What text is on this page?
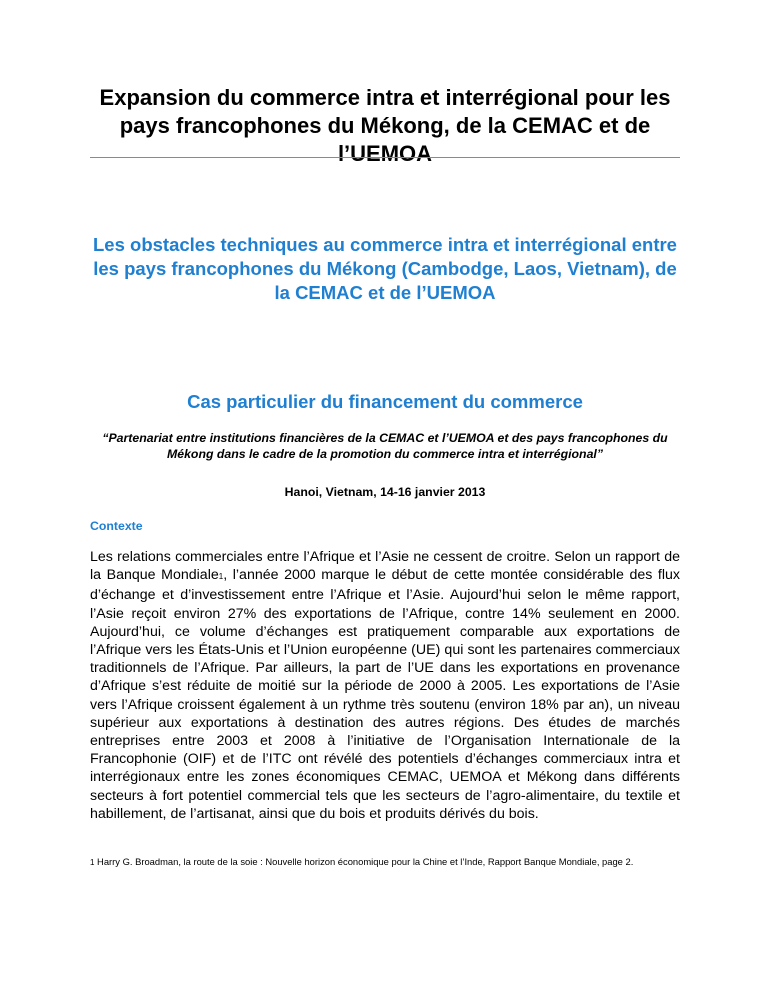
Expansion du commerce intra et interrégional pour les pays francophones du Mékong, de la CEMAC et de l’UEMOA
Les obstacles techniques au commerce intra et interrégional entre les pays francophones du Mékong (Cambodge, Laos, Vietnam), de la CEMAC et de l’UEMOA
Cas particulier du financement du commerce

“Partenariat entre institutions financières de la CEMAC et l’UEMOA et des pays francophones du Mékong dans le cadre de la promotion du commerce intra et interrégional”

Hanoi, Vietnam, 14-16 janvier 2013

Contexte

Les relations commerciales entre l’Afrique et l’Asie ne cessent de croitre. Selon un rapport de la Banque Mondiale1, l’année 2000 marque le début de cette montée considérable des flux d’échange et d’investissement entre l’Afrique et l’Asie. Aujourd’hui selon le même rapport, l’Asie reçoit environ 27% des exportations de l’Afrique, contre 14% seulement en 2000. Aujourd’hui, ce volume d’échanges est pratiquement comparable aux exportations de l’Afrique vers les États-Unis et l’Union européenne (UE) qui sont les partenaires commerciaux traditionnels de l’Afrique. Par ailleurs, la part de l’UE dans les exportations en provenance d’Afrique s’est réduite de moitié sur la période de 2000 à 2005. Les exportations de l’Asie vers l’Afrique croissent également à un rythme très soutenu (environ 18% par an), un niveau supérieur aux exportations à destination des autres régions. Des études de marchés entreprises entre 2003 et 2008 à l’initiative de l’Organisation Internationale de la Francophonie (OIF) et de l’ITC ont révélé des potentiels d’échanges commerciaux intra et interrégionaux entre les zones économiques CEMAC, UEMOA et Mékong dans différents secteurs à fort potentiel commercial tels que les secteurs de l’agro-alimentaire, du textile et habillement, de l’artisanat, ainsi que du bois et produits dérivés du bois.

1 Harry G. Broadman, la route de la soie : Nouvelle horizon économique pour la Chine et l’Inde, Rapport Banque Mondiale, page 2.
